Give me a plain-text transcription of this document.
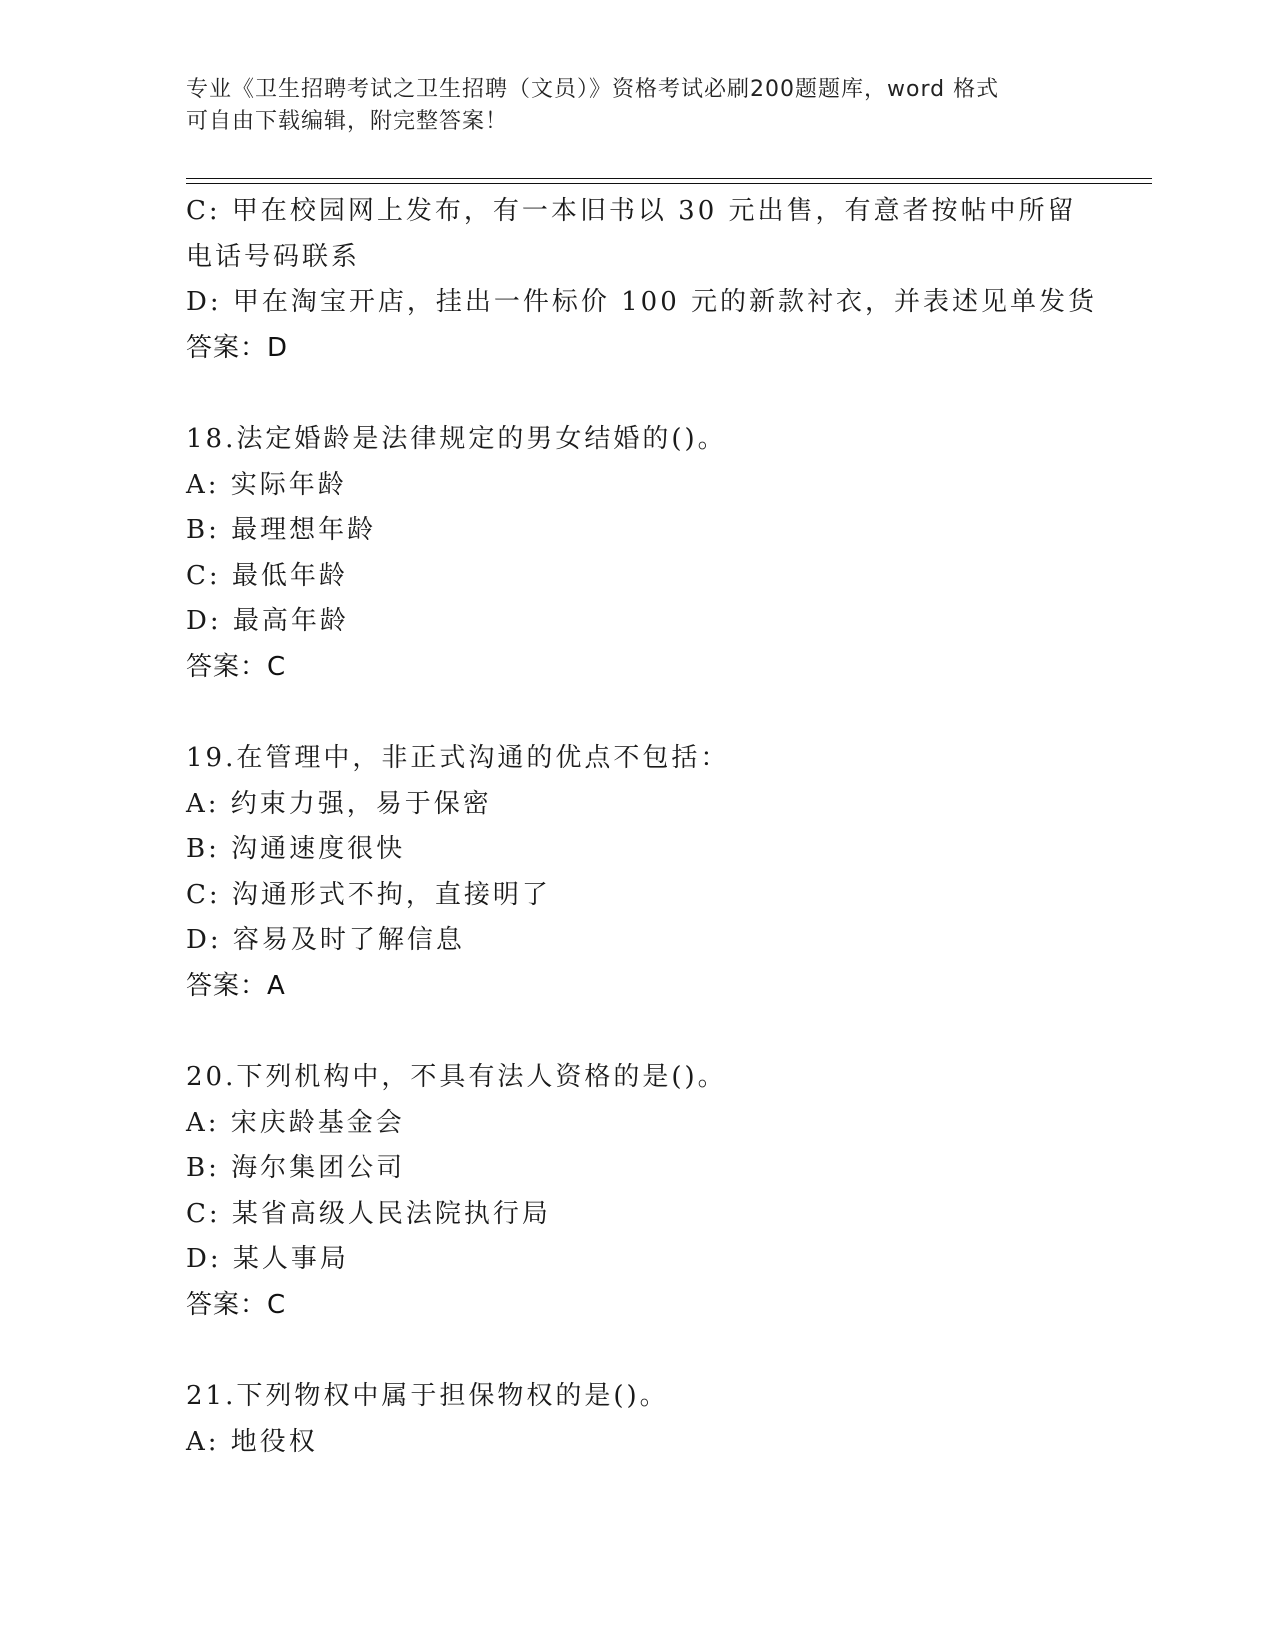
专业《卫生招聘考试之卫生招聘（文员）》资格考试必刷200题题库，word 格式
可自由下载编辑，附完整答案！
C: 甲在校园网上发布，有一本旧书以 30 元出售，有意者按帖中所留
电话号码联系
D: 甲在淘宝开店，挂出一件标价 100 元的新款衬衣，并表述见单发货
答案：D
18.法定婚龄是法律规定的男女结婚的()。
A: 实际年龄
B: 最理想年龄
C: 最低年龄
D: 最高年龄
答案：C
19.在管理中，非正式沟通的优点不包括：
A: 约束力强，易于保密
B: 沟通速度很快
C: 沟通形式不拘，直接明了
D: 容易及时了解信息
答案：A
20.下列机构中，不具有法人资格的是()。
A: 宋庆龄基金会
B: 海尔集团公司
C: 某省高级人民法院执行局
D: 某人事局
答案：C
21.下列物权中属于担保物权的是()。
A: 地役权
